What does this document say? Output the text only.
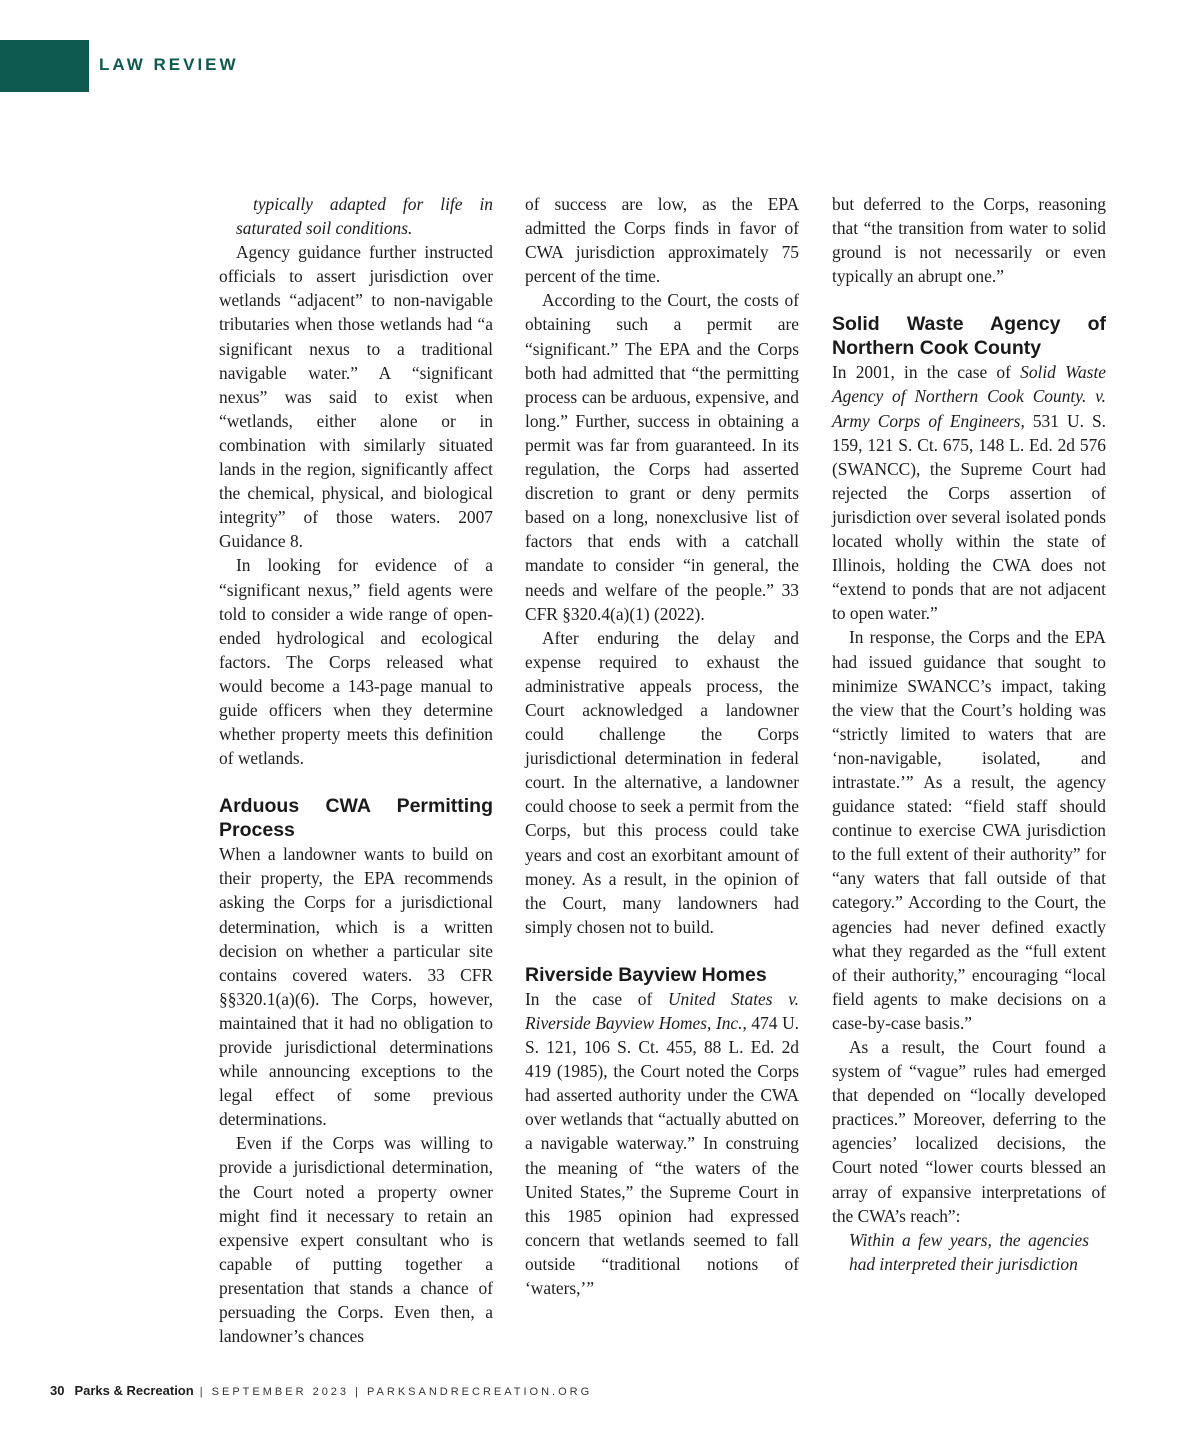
LAW REVIEW

typically adapted for life in saturated soil conditions.

Agency guidance further instructed officials to assert jurisdiction over wetlands “adjacent” to non-navigable tributaries when those wetlands had “a significant nexus to a traditional navigable water.” A “significant nexus” was said to exist when “wetlands, either alone or in combination with similarly situated lands in the region, significantly affect the chemical, physical, and biological integrity” of those waters. 2007 Guidance 8.

In looking for evidence of a “significant nexus,” field agents were told to consider a wide range of open-ended hydrological and ecological factors. The Corps released what would become a 143-page manual to guide officers when they determine whether property meets this definition of wetlands.

Arduous CWA Permitting Process

When a landowner wants to build on their property, the EPA recommends asking the Corps for a jurisdictional determination, which is a written decision on whether a particular site contains covered waters. 33 CFR §§320.1(a)(6). The Corps, however, maintained that it had no obligation to provide jurisdictional determinations while announcing exceptions to the legal effect of some previous determinations.

Even if the Corps was willing to provide a jurisdictional determination, the Court noted a property owner might find it necessary to retain an expensive expert consultant who is capable of putting together a presentation that stands a chance of persuading the Corps. Even then, a landowner’s chances

of success are low, as the EPA admitted the Corps finds in favor of CWA jurisdiction approximately 75 percent of the time.

According to the Court, the costs of obtaining such a permit are “significant.” The EPA and the Corps both had admitted that “the permitting process can be arduous, expensive, and long.” Further, success in obtaining a permit was far from guaranteed. In its regulation, the Corps had asserted discretion to grant or deny permits based on a long, nonexclusive list of factors that ends with a catchall mandate to consider “in general, the needs and welfare of the people.” 33 CFR §320.4(a)(1) (2022).

After enduring the delay and expense required to exhaust the administrative appeals process, the Court acknowledged a landowner could challenge the Corps jurisdictional determination in federal court. In the alternative, a landowner could choose to seek a permit from the Corps, but this process could take years and cost an exorbitant amount of money. As a result, in the opinion of the Court, many landowners had simply chosen not to build.

Riverside Bayview Homes

In the case of United States v. Riverside Bayview Homes, Inc., 474 U. S. 121, 106 S. Ct. 455, 88 L. Ed. 2d 419 (1985), the Court noted the Corps had asserted authority under the CWA over wetlands that “actually abutted on a navigable waterway.” In construing the meaning of “the waters of the United States,” the Supreme Court in this 1985 opinion had expressed concern that wetlands seemed to fall outside “traditional notions of ‘waters,’”

but deferred to the Corps, reasoning that “the transition from water to solid ground is not necessarily or even typically an abrupt one.”

Solid Waste Agency of Northern Cook County

In 2001, in the case of Solid Waste Agency of Northern Cook County. v. Army Corps of Engineers, 531 U. S. 159, 121 S. Ct. 675, 148 L. Ed. 2d 576 (SWANCC), the Supreme Court had rejected the Corps assertion of jurisdiction over several isolated ponds located wholly within the state of Illinois, holding the CWA does not “extend to ponds that are not adjacent to open water.”

In response, the Corps and the EPA had issued guidance that sought to minimize SWANCC’s impact, taking the view that the Court’s holding was “strictly limited to waters that are ‘non-navigable, isolated, and intrastate.’” As a result, the agency guidance stated: “field staff should continue to exercise CWA jurisdiction to the full extent of their authority” for “any waters that fall outside of that category.” According to the Court, the agencies had never defined exactly what they regarded as the “full extent of their authority,” encouraging “local field agents to make decisions on a case-by-case basis.”

As a result, the Court found a system of “vague” rules had emerged that depended on “locally developed practices.” Moreover, deferring to the agencies’ localized decisions, the Court noted “lower courts blessed an array of expansive interpretations of the CWA’s reach”:

Within a few years, the agencies had interpreted their jurisdiction

30 Parks & Recreation | SEPTEMBER 2023 | PARKSANDRECREATION.ORG
